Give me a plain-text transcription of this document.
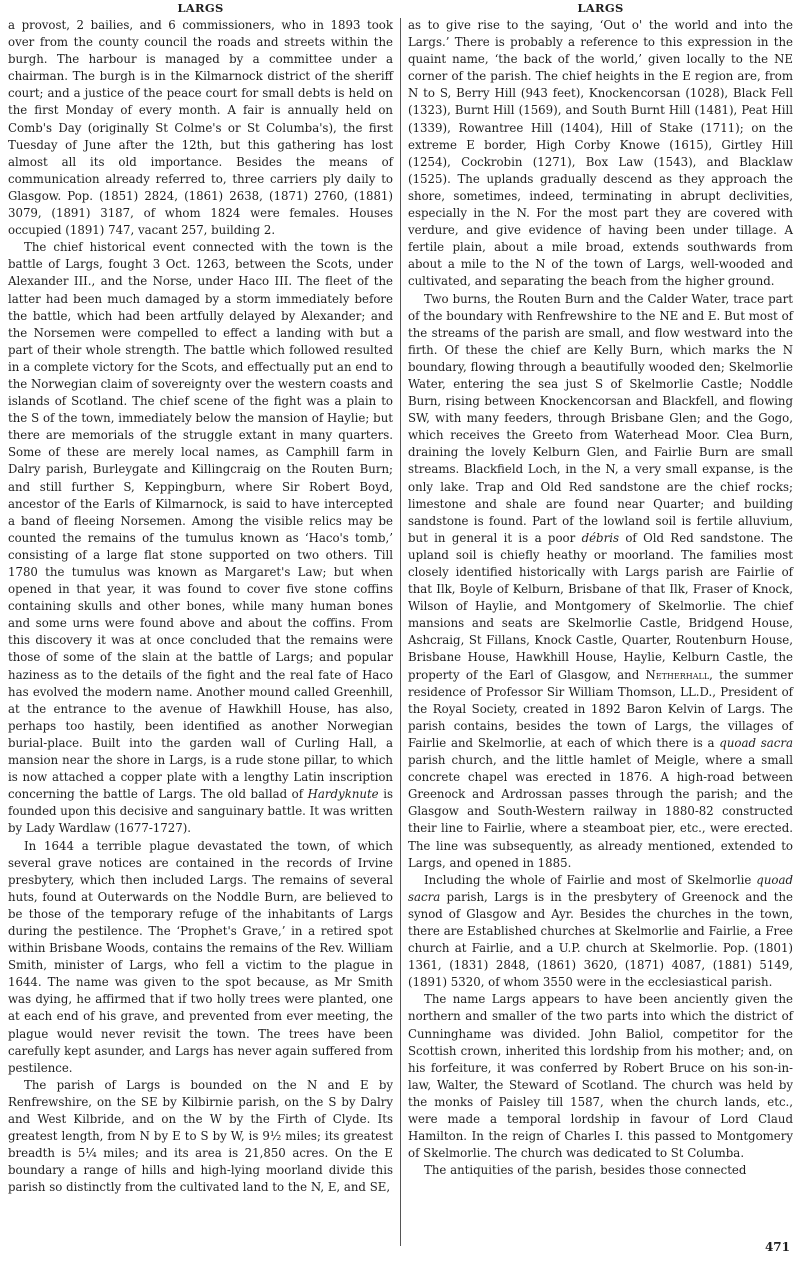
LARGS

a provost, 2 bailies, and 6 commissioners, who in 1893 took over from the county council the roads and streets within the burgh. The harbour is managed by a committee under a chairman. The burgh is in the Kilmarnock district of the sheriff court; and a justice of the peace court for small debts is held on the first Monday of every month. A fair is annually held on Comb's Day (originally St Colme's or St Columba's), the first Tuesday of June after the 12th, but this gathering has lost almost all its old importance. Besides the means of communication already referred to, three carriers ply daily to Glasgow. Pop. (1851) 2824, (1861) 2638, (1871) 2760, (1881) 3079, (1891) 3187, of whom 1824 were females. Houses occupied (1891) 747, vacant 257, building 2.

The chief historical event connected with the town is the battle of Largs, fought 3 Oct. 1263, between the Scots, under Alexander III., and the Norse, under Haco III. The fleet of the latter had been much damaged by a storm immediately before the battle, which had been artfully delayed by Alexander; and the Norsemen were compelled to effect a landing with but a part of their whole strength. The battle which followed resulted in a complete victory for the Scots, and effectually put an end to the Norwegian claim of sovereignty over the western coasts and islands of Scotland. The chief scene of the fight was a plain to the S of the town, immediately below the mansion of Haylie; but there are memorials of the struggle extant in many quarters. Some of these are merely local names, as Camphill farm in Dalry parish, Burleygate and Killingcraig on the Routen Burn; and still further S, Keppingburn, where Sir Robert Boyd, ancestor of the Earls of Kilmarnock, is said to have intercepted a band of fleeing Norsemen. Among the visible relics may be counted the remains of the tumulus known as ‘Haco's tomb,’ consisting of a large flat stone supported on two others. Till 1780 the tumulus was known as Margaret's Law; but when opened in that year, it was found to cover five stone coffins containing skulls and other bones, while many human bones and some urns were found above and about the coffins. From this discovery it was at once concluded that the remains were those of some of the slain at the battle of Largs; and popular haziness as to the details of the fight and the real fate of Haco has evolved the modern name. Another mound called Greenhill, at the entrance to the avenue of Hawkhill House, has also, perhaps too hastily, been identified as another Norwegian burial-place. Built into the garden wall of Curling Hall, a mansion near the shore in Largs, is a rude stone pillar, to which is now attached a copper plate with a lengthy Latin inscription concerning the battle of Largs. The old ballad of Hardyknute is founded upon this decisive and sanguinary battle. It was written by Lady Wardlaw (1677-1727).

In 1644 a terrible plague devastated the town, of which several grave notices are contained in the records of Irvine presbytery, which then included Largs. The remains of several huts, found at Outerwards on the Noddle Burn, are believed to be those of the temporary refuge of the inhabitants of Largs during the pestilence. The ‘Prophet's Grave,’ in a retired spot within Brisbane Woods, contains the remains of the Rev. William Smith, minister of Largs, who fell a victim to the plague in 1644. The name was given to the spot because, as Mr Smith was dying, he affirmed that if two holly trees were planted, one at each end of his grave, and prevented from ever meeting, the plague would never revisit the town. The trees have been carefully kept asunder, and Largs has never again suffered from pestilence.

The parish of Largs is bounded on the N and E by Renfrewshire, on the SE by Kilbirnie parish, on the S by Dalry and West Kilbride, and on the W by the Firth of Clyde. Its greatest length, from N by E to S by W, is 9½ miles; its greatest breadth is 5¼ miles; and its area is 21,850 acres. On the E boundary a range of hills and high-lying moorland divide this parish so distinctly from the cultivated land to the N, E, and SE,

LARGS

as to give rise to the saying, ‘Out o' the world and into the Largs.’ There is probably a reference to this expression in the quaint name, ‘the back of the world,’ given locally to the NE corner of the parish. The chief heights in the E region are, from N to S, Berry Hill (943 feet), Knockencorsan (1028), Black Fell (1323), Burnt Hill (1569), and South Burnt Hill (1481), Peat Hill (1339), Rowantree Hill (1404), Hill of Stake (1711); on the extreme E border, High Corby Knowe (1615), Girtley Hill (1254), Cockrobin (1271), Box Law (1543), and Blacklaw (1525). The uplands gradually descend as they approach the shore, sometimes, indeed, terminating in abrupt declivities, especially in the N. For the most part they are covered with verdure, and give evidence of having been under tillage. A fertile plain, about a mile broad, extends southwards from about a mile to the N of the town of Largs, well-wooded and cultivated, and separating the beach from the higher ground.

Two burns, the Routen Burn and the Calder Water, trace part of the boundary with Renfrewshire to the NE and E. But most of the streams of the parish are small, and flow westward into the firth. Of these the chief are Kelly Burn, which marks the N boundary, flowing through a beautifully wooded den; Skelmorlie Water, entering the sea just S of Skelmorlie Castle; Noddle Burn, rising between Knockencorsan and Blackfell, and flowing SW, with many feeders, through Brisbane Glen; and the Gogo, which receives the Greeto from Waterhead Moor. Clea Burn, draining the lovely Kelburn Glen, and Fairlie Burn are small streams. Blackfield Loch, in the N, a very small expanse, is the only lake. Trap and Old Red sandstone are the chief rocks; limestone and shale are found near Quarter; and building sandstone is found. Part of the lowland soil is fertile alluvium, but in general it is a poor débris of Old Red sandstone. The upland soil is chiefly heathy or moorland. The families most closely identified historically with Largs parish are Fairlie of that Ilk, Boyle of Kelburn, Brisbane of that Ilk, Fraser of Knock, Wilson of Haylie, and Montgomery of Skelmorlie. The chief mansions and seats are Skelmorlie Castle, Bridgend House, Ashcraig, St Fillans, Knock Castle, Quarter, Routenburn House, Brisbane House, Hawkhill House, Haylie, Kelburn Castle, the property of the Earl of Glasgow, and Netherhall, the summer residence of Professor Sir William Thomson, LL.D., President of the Royal Society, created in 1892 Baron Kelvin of Largs. The parish contains, besides the town of Largs, the villages of Fairlie and Skelmorlie, at each of which there is a quoad sacra parish church, and the little hamlet of Meigle, where a small concrete chapel was erected in 1876. A high-road between Greenock and Ardrossan passes through the parish; and the Glasgow and South-Western railway in 1880-82 constructed their line to Fairlie, where a steamboat pier, etc., were erected. The line was subsequently, as already mentioned, extended to Largs, and opened in 1885.

Including the whole of Fairlie and most of Skelmorlie quoad sacra parish, Largs is in the presbytery of Greenock and the synod of Glasgow and Ayr. Besides the churches in the town, there are Established churches at Skelmorlie and Fairlie, a Free church at Fairlie, and a U.P. church at Skelmorlie. Pop. (1801) 1361, (1831) 2848, (1861) 3620, (1871) 4087, (1881) 5149, (1891) 5320, of whom 3550 were in the ecclesiastical parish.

The name Largs appears to have been anciently given the northern and smaller of the two parts into which the district of Cunninghame was divided. John Baliol, competitor for the Scottish crown, inherited this lordship from his mother; and, on his forfeiture, it was conferred by Robert Bruce on his son-in-law, Walter, the Steward of Scotland. The church was held by the monks of Paisley till 1587, when the church lands, etc., were made a temporal lordship in favour of Lord Claud Hamilton. In the reign of Charles I. this passed to Montgomery of Skelmorlie. The church was dedicated to St Columba.

The antiquities of the parish, besides those connected

471
